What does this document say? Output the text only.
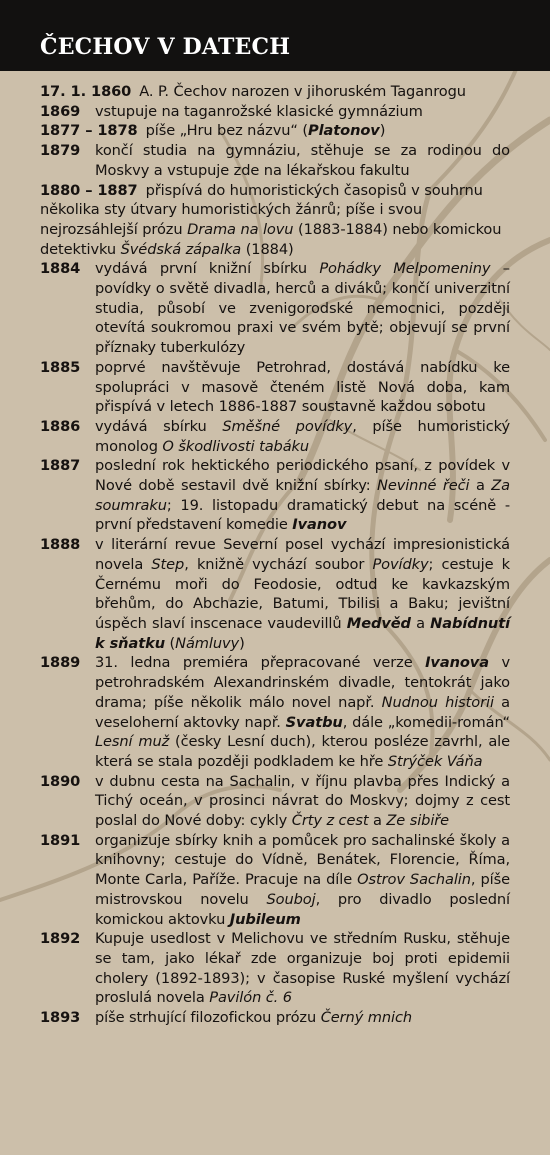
ČECHOV V DATECH
17. 1. 1860 A. P. Čechov narozen v jihoruském Taganrogu
1869	vstupuje na taganrožské klasické gymnázium
1877 – 1878 píše „Hru bez názvu“ (Platonov)
1879	končí studia na gymnáziu, stěhuje se za rodinou do Moskvy a vstupuje zde na lékařskou fakultu
1880 – 1887 přispívá do humoristických časopisů v souhrnu několika sty útvary humoristických žánrů; píše i svou nejrozsáhlejší prózu Drama na lovu (1883-1884) nebo komickou detektivku Švédská zápalka (1884)
1884	vydává první knižní sbírku Pohádky Melpomeniny – povídky o světě divadla, herců a diváků; končí univerzitní studia, působí ve zvenigorodské nemocnici, později otevítá soukromou praxi ve svém bytě; objevují se první příznaky tuberkulózy
1885	poprvé navštěvuje Petrohrad, dostává nabídku ke spolupráci v masově čteném listě Nová doba, kam přispívá v letech 1886-1887 soustavně každou sobotu
1886	vydává sbírku Směšné povídky, píše humoristický monolog O škodlivosti tabáku
1887	poslední rok hektického periodického psaní, z povídek v Nové době sestavil dvě knižní sbírky: Nevinné řeči a Za soumraku; 19. listopadu dramatický debut na scéně - první představení komedie Ivanov
1888	v literární revue Severní posel vychází impresionistická novela Step, knižně vychází soubor Povídky; cestuje k Černému moři do Feodosie, odtud ke kavkazským břehům, do Abchazie, Batumi, Tbilisi a Baku; jevištní úspěch slaví inscenace vaudevillů Medvěd a Nabídnutí k sňatku (Námluvy)
1889	31. ledna premiéra přepracované verze Ivanova v petrohradském Alexandrinském divadle, tentokrát jako drama; píše několik málo novel např. Nudnou historii a veseloherní aktovky např. Svatbu, dále „komedii-román“ Lesní muž (česky Lesní duch), kterou posléze zavrhl, ale která se stala později podkladem ke hře Strýček Váňa
1890	v dubnu cesta na Sachalin, v říjnu plavba přes Indický a Tichý oceán, v prosinci návrat do Moskvy; dojmy z cest poslal do Nové doby: cykly Črty z cest a Ze sibiře
1891	organizuje sbírky knih a pomůcek pro sachalinské školy a knihovny; cestuje do Vídně, Benátek, Florencie, Říma, Monte Carla, Paříže. Pracuje na díle Ostrov Sachalin, píše mistrovskou novelu Souboj, pro divadlo poslední komickou aktovku Jubileum
1892	Kupuje usedlost v Melichovu ve středním Rusku, stěhuje se tam, jako lékař zde organizuje boj proti epidemii cholery (1892-1893); v časopise Ruské myšlení vychází proslulá novela Pavilón č. 6
1893	píše strhující filozofickou prózu Černý mnich
